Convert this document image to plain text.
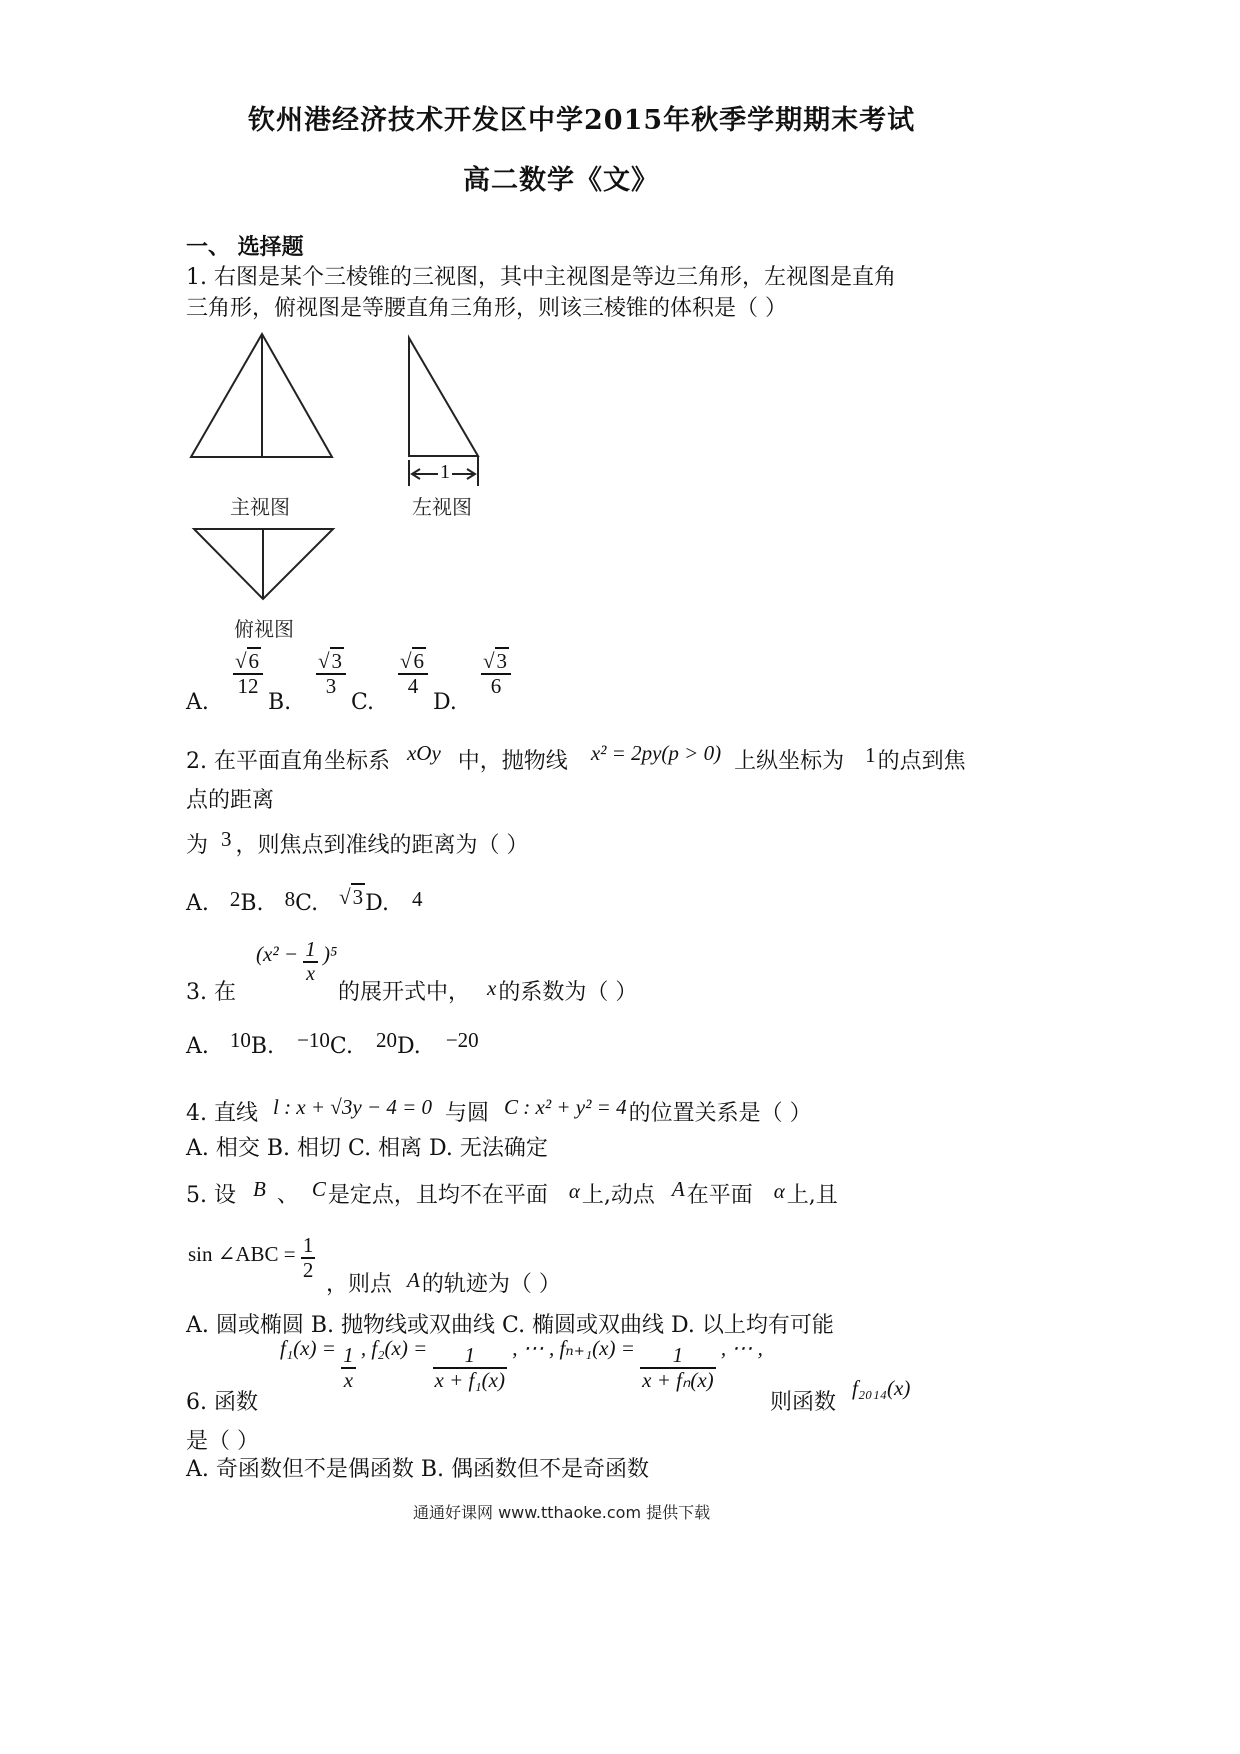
钦州港经济技术开发区中学2015年秋季学期期末考试
高二数学《文》
一、 选择题
1. 右图是某个三棱锥的三视图，其中主视图是等边三角形，左视图是直角
三角形，俯视图是等腰直角三角形，则该三棱锥的体积是（ ）
1
主视图	左视图
俯视图
A.
√6
12
B.
√3
3
C.
√6
4
D.
√3
6
2. 在平面直角坐标系 xOy 中，抛物线 x² = 2py(p > 0) 上纵坐标为 1的点到焦
点的距离
为 3 ，则焦点到准线的距离为（ ）
A. 2B. 8C. √3D. 4
3. 在
$(x^2 - \frac{1}{x} )^5$
的展开式中， x的系数为（ ）
A. 10B. −10C. 20D. −20
4. 直线 l : x + √3y − 4 = 0 与圆 C : x² + y² = 4的位置关系是（ ）
A. 相交 B. 相切 C. 相离 D. 无法确定
5. 设 B 、 C是定点，且均不在平面 α上,动点 A在平面 α上,且
sin ∠ABC = $\frac{1}{2}$
，则点 A的轨迹为（ ）
A. 圆或椭圆 B. 抛物线或双曲线 C. 椭圆或双曲线 D. 以上均有可能
6. 函数
$f_1(x) = \frac{1}{x}$ , $f_2(x) = \frac{1}{\text{x + f₁(x)}}$ , ⋯ , $f_{n+1}(x) = \frac{1}{\text{x + fₙ(x)}}$ , ⋯ ,
则函数
f₂₀₁₄(x)
是（ ）
A. 奇函数但不是偶函数 B. 偶函数但不是奇函数
通通好课网 www.tthaoke.com 提供下载
